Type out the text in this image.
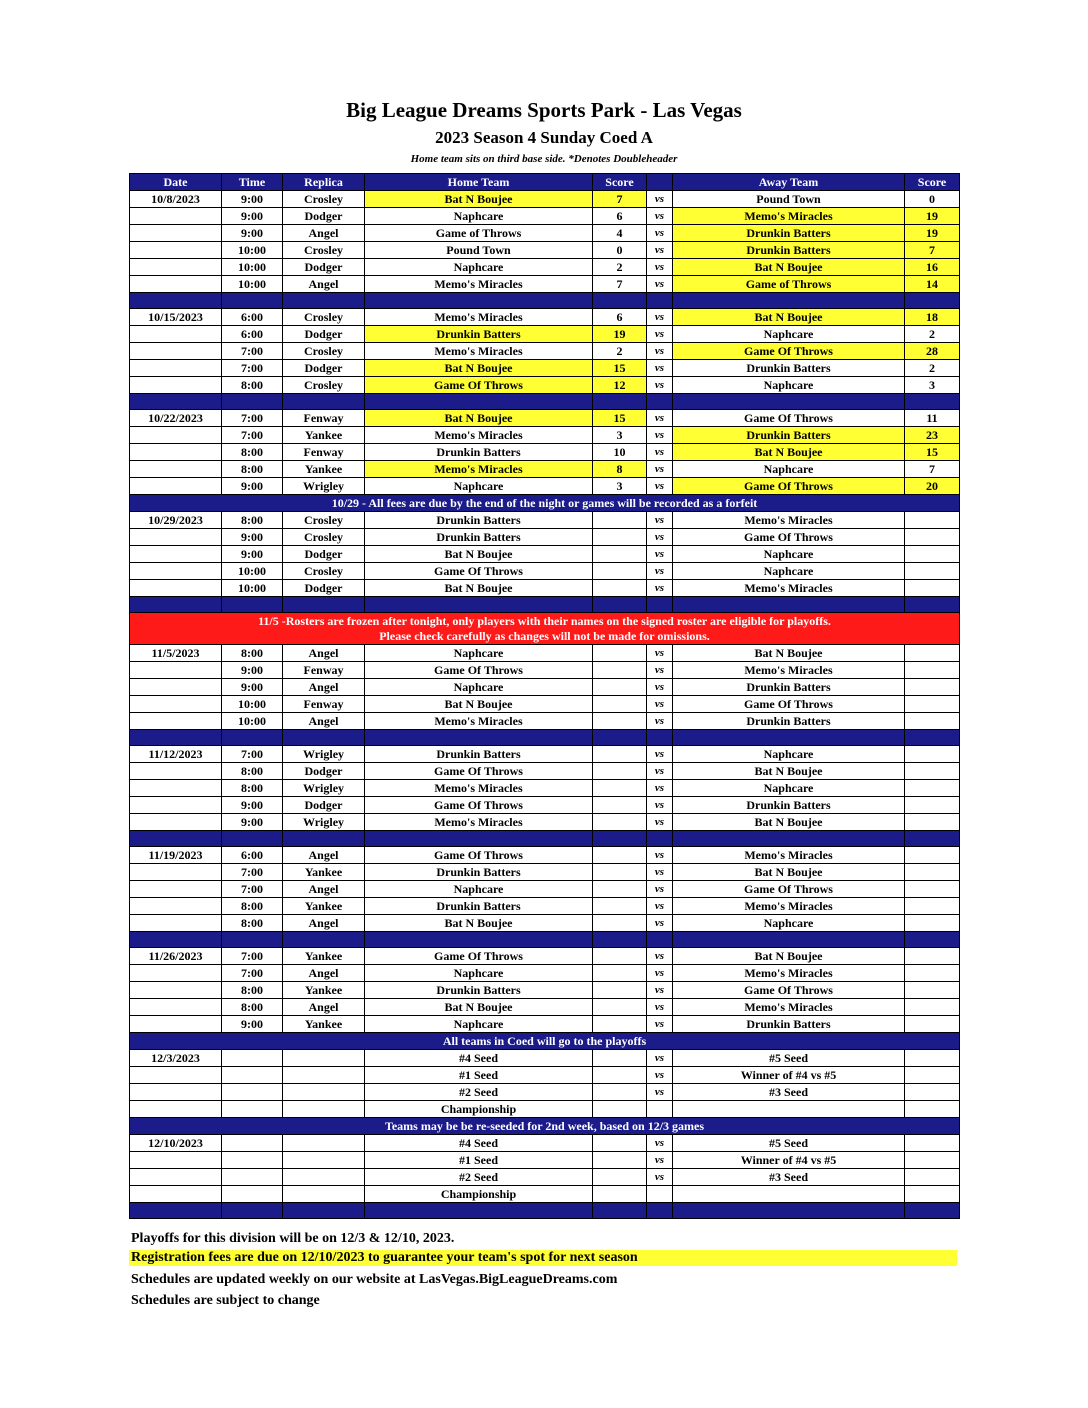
Big League Dreams Sports Park - Las Vegas
2023 Season 4 Sunday Coed A
Home team sits on third base side. *Denotes Doubleheader
Date	Time	Replica	Home Team	Score		Away Team	Score
10/8/2023	9:00	Crosley	Bat N Boujee	7	vs	Pound Town	0
	9:00	Dodger	Naphcare	6	vs	Memo's Miracles	19
	9:00	Angel	Game of Throws	4	vs	Drunkin Batters	19
	10:00	Crosley	Pound Town	0	vs	Drunkin Batters	7
	10:00	Dodger	Naphcare	2	vs	Bat N Boujee	16
	10:00	Angel	Memo's Miracles	7	vs	Game of Throws	14

10/15/2023	6:00	Crosley	Memo's Miracles	6	vs	Bat N Boujee	18
	6:00	Dodger	Drunkin Batters	19	vs	Naphcare	2
	7:00	Crosley	Memo's Miracles	2	vs	Game Of Throws	28
	7:00	Dodger	Bat N Boujee	15	vs	Drunkin Batters	2
	8:00	Crosley	Game Of Throws	12	vs	Naphcare	3

10/22/2023	7:00	Fenway	Bat N Boujee	15	vs	Game Of Throws	11
	7:00	Yankee	Memo's Miracles	3	vs	Drunkin Batters	23
	8:00	Fenway	Drunkin Batters	10	vs	Bat N Boujee	15
	8:00	Yankee	Memo's Miracles	8	vs	Naphcare	7
	9:00	Wrigley	Naphcare	3	vs	Game Of Throws	20
10/29 - All fees are due by the end of the night or games will be recorded as a forfeit							
10/29/2023	8:00	Crosley	Drunkin Batters		vs	Memo's Miracles	
	9:00	Crosley	Drunkin Batters		vs	Game Of Throws	
	9:00	Dodger	Bat N Boujee		vs	Naphcare	
	10:00	Crosley	Game Of Throws		vs	Naphcare	
	10:00	Dodger	Bat N Boujee		vs	Memo's Miracles	

11/5 -Rosters are frozen after tonight, only players with their names on the signed roster are eligible for playoffs.
Please check carefully as changes will not be made for omissions.							

11/5/2023	8:00	Angel	Naphcare		vs	Bat N Boujee	
	9:00	Fenway	Game Of Throws		vs	Memo's Miracles	
	9:00	Angel	Naphcare		vs	Drunkin Batters	
	10:00	Fenway	Bat N Boujee		vs	Game Of Throws	
	10:00	Angel	Memo's Miracles		vs	Drunkin Batters	

11/12/2023	7:00	Wrigley	Drunkin Batters		vs	Naphcare	
	8:00	Dodger	Game Of Throws		vs	Bat N Boujee	
	8:00	Wrigley	Memo's Miracles		vs	Naphcare	
	9:00	Dodger	Game Of Throws		vs	Drunkin Batters	
	9:00	Wrigley	Memo's Miracles		vs	Bat N Boujee	

11/19/2023	6:00	Angel	Game Of Throws		vs	Memo's Miracles	
	7:00	Yankee	Drunkin Batters		vs	Bat N Boujee	
	7:00	Angel	Naphcare		vs	Game Of Throws	
	8:00	Yankee	Drunkin Batters		vs	Memo's Miracles	
	8:00	Angel	Bat N Boujee		vs	Naphcare	

11/26/2023	7:00	Yankee	Game Of Throws		vs	Bat N Boujee	
	7:00	Angel	Naphcare		vs	Memo's Miracles	
	8:00	Yankee	Drunkin Batters		vs	Game Of Throws	
	8:00	Angel	Bat N Boujee		vs	Memo's Miracles	
	9:00	Yankee	Naphcare		vs	Drunkin Batters	
All teams in Coed will go to the playoffs							
12/3/2023			#4 Seed		vs	#5 Seed	
			#1 Seed		vs	Winner of #4 vs #5	
			#2 Seed		vs	#3 Seed	
			Championship				
Teams may be be re-seeded for 2nd week, based on 12/3 games							
12/10/2023			#4 Seed		vs	#5 Seed	
			#1 Seed		vs	Winner of #4 vs #5	
			#2 Seed		vs	#3 Seed	
			Championship				

Playoffs for this division will be on 12/3 & 12/10, 2023.
Registration fees are due on 12/10/2023 to guarantee your team's spot for next season
Schedules are updated weekly on our website at LasVegas.BigLeagueDreams.com
Schedules are subject to change
